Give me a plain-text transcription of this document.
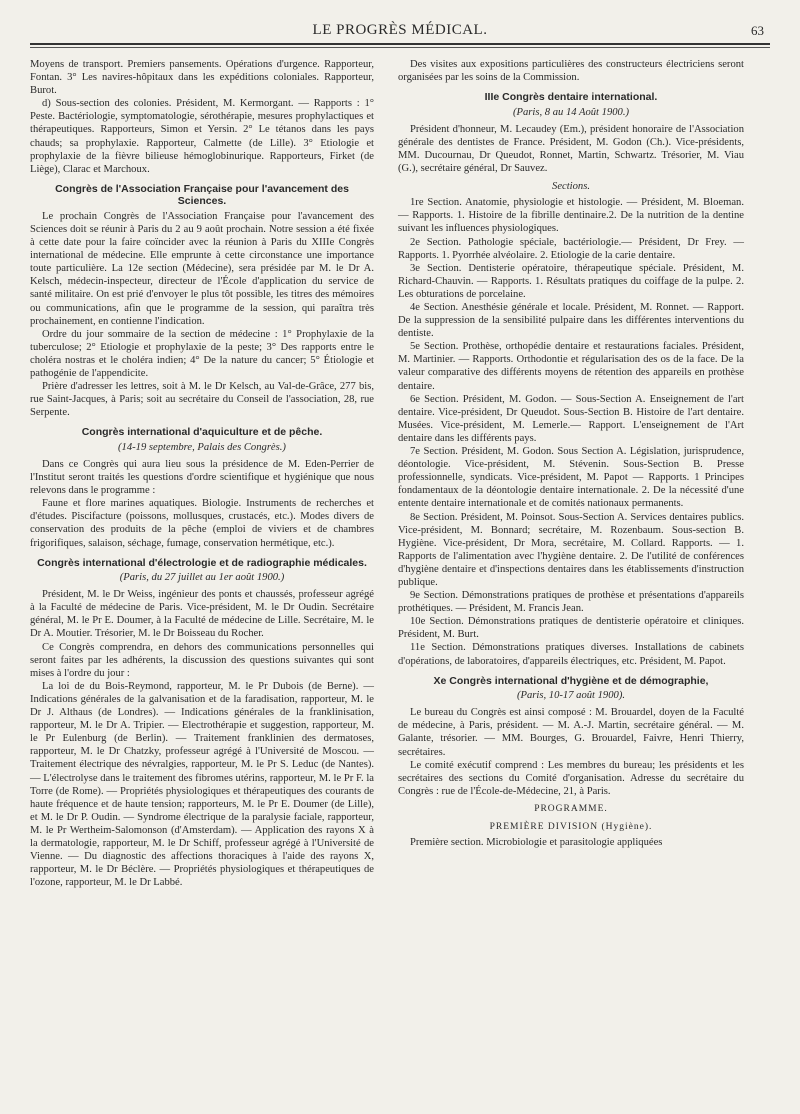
LE PROGRÈS MÉDICAL.	63

Moyens de transport. Premiers pansements. Opérations d'urgence. Rapporteur, Fontan. 3° Les navires-hôpitaux dans les expéditions coloniales. Rapporteur, Burot.

d) Sous-section des colonies. Président, M. Kermorgant. — Rapports : 1° Peste. Bactériologie, symptomatologie, sérothérapie, mesures prophylactiques et thérapeutiques. Rapporteurs, Simon et Yersin. 2° Le tétanos dans les pays chauds; sa prophylaxie. Rapporteur, Calmette (de Lille). 3° Etiologie et prophylaxie de la fièvre bilieuse hémoglobinurique. Rapporteurs, Firket (de Liège), Clarac et Marchoux.

Congrès de l'Association Française pour l'avancement des Sciences.

Le prochain Congrès de l'Association Française pour l'avancement des Sciences doit se réunir à Paris du 2 au 9 août prochain. Notre session a été fixée à cette date pour la faire coïncider avec la réunion à Paris du XIIIe Congrès international de médecine. Elle emprunte à cette circonstance une importance toute particulière. La 12e section (Médecine), sera présidée par M. le Dr A. Kelsch, médecin-inspecteur, directeur de l'École d'application du service de santé militaire. On est prié d'envoyer le plus tôt possible, les titres des mémoires ou communications, afin que le programme de la session, qui paraîtra très prochainement, en contienne l'indication.

Ordre du jour sommaire de la section de médecine : 1° Prophylaxie de la tuberculose; 2° Etiologie et prophylaxie de la peste; 3° Des rapports entre le choléra nostras et le choléra indien; 4° De la nature du cancer; 5° Étiologie et pathogénie de l'appendicite.

Prière d'adresser les lettres, soit à M. le Dr Kelsch, au Val-de-Grâce, 277 bis, rue Saint-Jacques, à Paris; soit au secrétaire du Conseil de l'association, 28, rue Serpente.

Congrès international d'aquiculture et de pêche.
(14-19 septembre, Palais des Congrès.)

Dans ce Congrès qui aura lieu sous la présidence de M. Eden-Perrier de l'Institut seront traités les questions d'ordre scientifique et hygiénique que nous relevons dans le programme :

Faune et flore marines aquatiques. Biologie. Instruments de recherches et d'études. Piscifacture (poissons, mollusques, crustacés, etc.). Modes divers de conservation des produits de la pêche (emploi de viviers et de chambres frigorifiques, salaison, séchage, fumage, conservation hermétique, etc.).

Congrès international d'électrologie et de radiographie médicales.
(Paris, du 27 juillet au 1er août 1900.)

Président, M. le Dr Weiss, ingénieur des ponts et chaussés, professeur agrégé à la Faculté de médecine de Paris. Vice-président, M. le Dr Oudin. Secrétaire général, M. le Pr E. Doumer, à la Faculté de médecine de Lille. Secrétaire, M. le Dr A. Moutier. Trésorier, M. le Dr Boisseau du Rocher.

Ce Congrès comprendra, en dehors des communications personnelles qui seront faites par les adhérents, la discussion des questions suivantes qui sont mises à l'ordre du jour :

La loi de du Bois-Reymond, rapporteur, M. le Pr Dubois (de Berne). — Indications générales de la galvanisation et de la faradisation, rapporteur, M. le Dr J. Althaus (de Londres). — Indications générales de la franklinisation, rapporteur, M. le Dr A. Tripier. — Electrothérapie et suggestion, rapporteur, M. le Pr Eulenburg (de Berlin). — Traitement franklinien des dermatoses, rapporteur, M. le Dr Chatzky, professeur agrégé à l'Université de Moscou. — Traitement électrique des névralgies, rapporteur, M. le Pr S. Leduc (de Nantes). — L'électrolyse dans le traitement des fibromes utérins, rapporteur, M. le Pr F. la Torre (de Rome). — Propriétés physiologiques et thérapeutiques des courants de haute fréquence et de haute tension; rapporteurs, M. le Pr E. Doumer (de Lille), et M. le Dr P. Oudin. — Syndrome électrique de la paralysie faciale, rapporteur, M. le Pr Wertheim-Salomonson (d'Amsterdam). — Application des rayons X à la dermatologie, rapporteur, M. le Dr Schiff, professeur agrégé à l'Université de Vienne. — Du diagnostic des affections thoraciques à l'aide des rayons X, rapporteur, M. le Dr Béclère. — Propriétés physiologiques et thérapeutiques de l'ozone, rapporteur, M. le Dr Labbé.

Des visites aux expositions particulières des constructeurs électriciens seront organisées par les soins de la Commission.

IIIe Congrès dentaire international.
(Paris, 8 au 14 Août 1900.)

Président d'honneur, M. Lecaudey (Em.), président honoraire de l'Association générale des dentistes de France. Président, M. Godon (Ch.). Vice-présidents, MM. Ducournau, Dr Queudot, Ronnet, Martin, Schwartz. Trésorier, M. Viau (G.), secrétaire général, Dr Sauvez.

Sections.

1re Section. Anatomie, physiologie et histologie. — Président, M. Bloeman. — Rapports. 1. Histoire de la fibrille dentinaire.2. De la nutrition de la dentine suivant les influences physiologiques.

2e Section. Pathologie spéciale, bactériologie.— Président, Dr Frey. — Rapports. 1. Pyorrhée alvéolaire. 2. Etiologie de la carie dentaire.

3e Section. Dentisterie opératoire, thérapeutique spéciale. Président, M. Richard-Chauvin. — Rapports. 1. Résultats pratiques du coiffage de la pulpe. 2. Les obturations de porcelaine.

4e Section. Anesthésie générale et locale. Président, M. Ronnet. — Rapport. De la suppression de la sensibilité pulpaire dans les différentes interventions du dentiste.

5e Section. Prothèse, orthopédie dentaire et restaurations faciales. Président, M. Martinier. — Rapports. Orthodontie et régularisation des os de la face. De la valeur comparative des différents moyens de rétention des appareils en prothèse dentaire.

6e Section. Président, M. Godon. — Sous-Section A. Enseignement de l'art dentaire. Vice-président, Dr Queudot. Sous-Section B. Histoire de l'art dentaire. Musées. Vice-président, M. Lemerle.— Rapport. L'enseignement de l'Art dentaire dans les différents pays.

7e Section. Président, M. Godon. Sous Section A. Législation, jurisprudence, déontologie. Vice-président, M. Stévenin. Sous-Section B. Presse professionnelle, syndicats. Vice-président, M. Papot — Rapports. 1 Principes fondamentaux de la déontologie dentaire internationale. 2. De la nécessité d'une entente dentaire internationale et de comités nationaux permanents.

8e Section. Président, M. Poinsot. Sous-Section A. Services dentaires publics. Vice-président, M. Bonnard; secrétaire, M. Rozenbaum. Sous-section B. Hygiène. Vice-président, Dr Mora, secrétaire, M. Collard. Rapports. — 1. Rapports de l'alimentation avec l'hygiène dentaire. 2. De l'utilité de conférences d'hygiène dentaire et d'inspections dentaires dans les établissements d'instruction publique.

9e Section. Démonstrations pratiques de prothèse et présentations d'appareils prothétiques. — Président, M. Francis Jean.

10e Section. Démonstrations pratiques de dentisterie opératoire et cliniques. Président, M. Burt.

11e Section. Démonstrations pratiques diverses. Installations de cabinets d'opérations, de laboratoires, d'appareils électriques, etc. Président, M. Papot.

Xe Congrès international d'hygiène et de démographie,
(Paris, 10-17 août 1900).

Le bureau du Congrès est ainsi composé : M. Brouardel, doyen de la Faculté de médecine, à Paris, président. — M. A.-J. Martin, secrétaire général. — M. Galante, trésorier. — MM. Bourges, G. Brouardel, Faivre, Henri Thierry, secrétaires.

Le comité exécutif comprend : Les membres du bureau; les présidents et les secrétaires des sections du Comité d'organisation. Adresse du secrétaire du Congrès : rue de l'École-de-Médecine, 21, à Paris.

PROGRAMME.
PREMIÈRE DIVISION (Hygiène).

Première section. Microbiologie et parasitologie appliquées
